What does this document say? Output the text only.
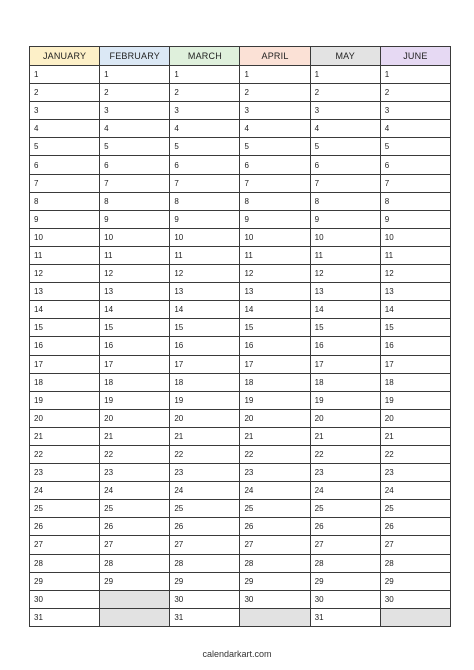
JANUARY	FEBRUARY	MARCH	APRIL	MAY	JUNE
1	1	1	1	1	1
2	2	2	2	2	2
3	3	3	3	3	3
4	4	4	4	4	4
5	5	5	5	5	5
6	6	6	6	6	6
7	7	7	7	7	7
8	8	8	8	8	8
9	9	9	9	9	9
10	10	10	10	10	10
11	11	11	11	11	11
12	12	12	12	12	12
13	13	13	13	13	13
14	14	14	14	14	14
15	15	15	15	15	15
16	16	16	16	16	16
17	17	17	17	17	17
18	18	18	18	18	18
19	19	19	19	19	19
20	20	20	20	20	20
21	21	21	21	21	21
22	22	22	22	22	22
23	23	23	23	23	23
24	24	24	24	24	24
25	25	25	25	25	25
26	26	26	26	26	26
27	27	27	27	27	27
28	28	28	28	28	28
29	29	29	29	29	29
30		30	30	30	30
31		31		31	
calendarkart.com
